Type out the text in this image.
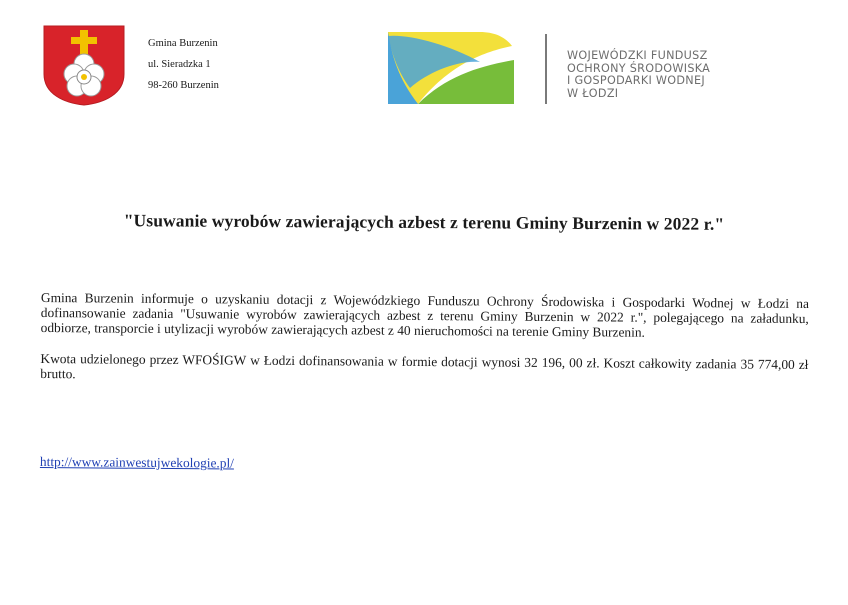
Gmina Burzenin
ul. Sieradzka 1
98-260 Burzenin
WOJEWÓDZKI FUNDUSZ
OCHRONY ŚRODOWISKA
I GOSPODARKI WODNEJ
W ŁODZI
"Usuwanie wyrobów zawierających azbest z terenu Gminy Burzenin w 2022 r."

Gmina Burzenin informuje o uzyskaniu dotacji z Wojewódzkiego Funduszu Ochrony Środowiska i Gospodarki Wodnej w Łodzi na dofinansowanie zadania "Usuwanie wyrobów zawierających azbest z terenu Gminy Burzenin w 2022 r.", polegającego na załadunku, odbiorze, transporcie i utylizacji wyrobów zawierających azbest z 40 nieruchomości na terenie Gminy Burzenin.

Kwota udzielonego przez WFOŚIGW w Łodzi dofinansowania w formie dotacji wynosi 32 196, 00 zł. Koszt całkowity zadania 35 774,00 zł brutto.

http://www.zainwestujwekologie.pl/
